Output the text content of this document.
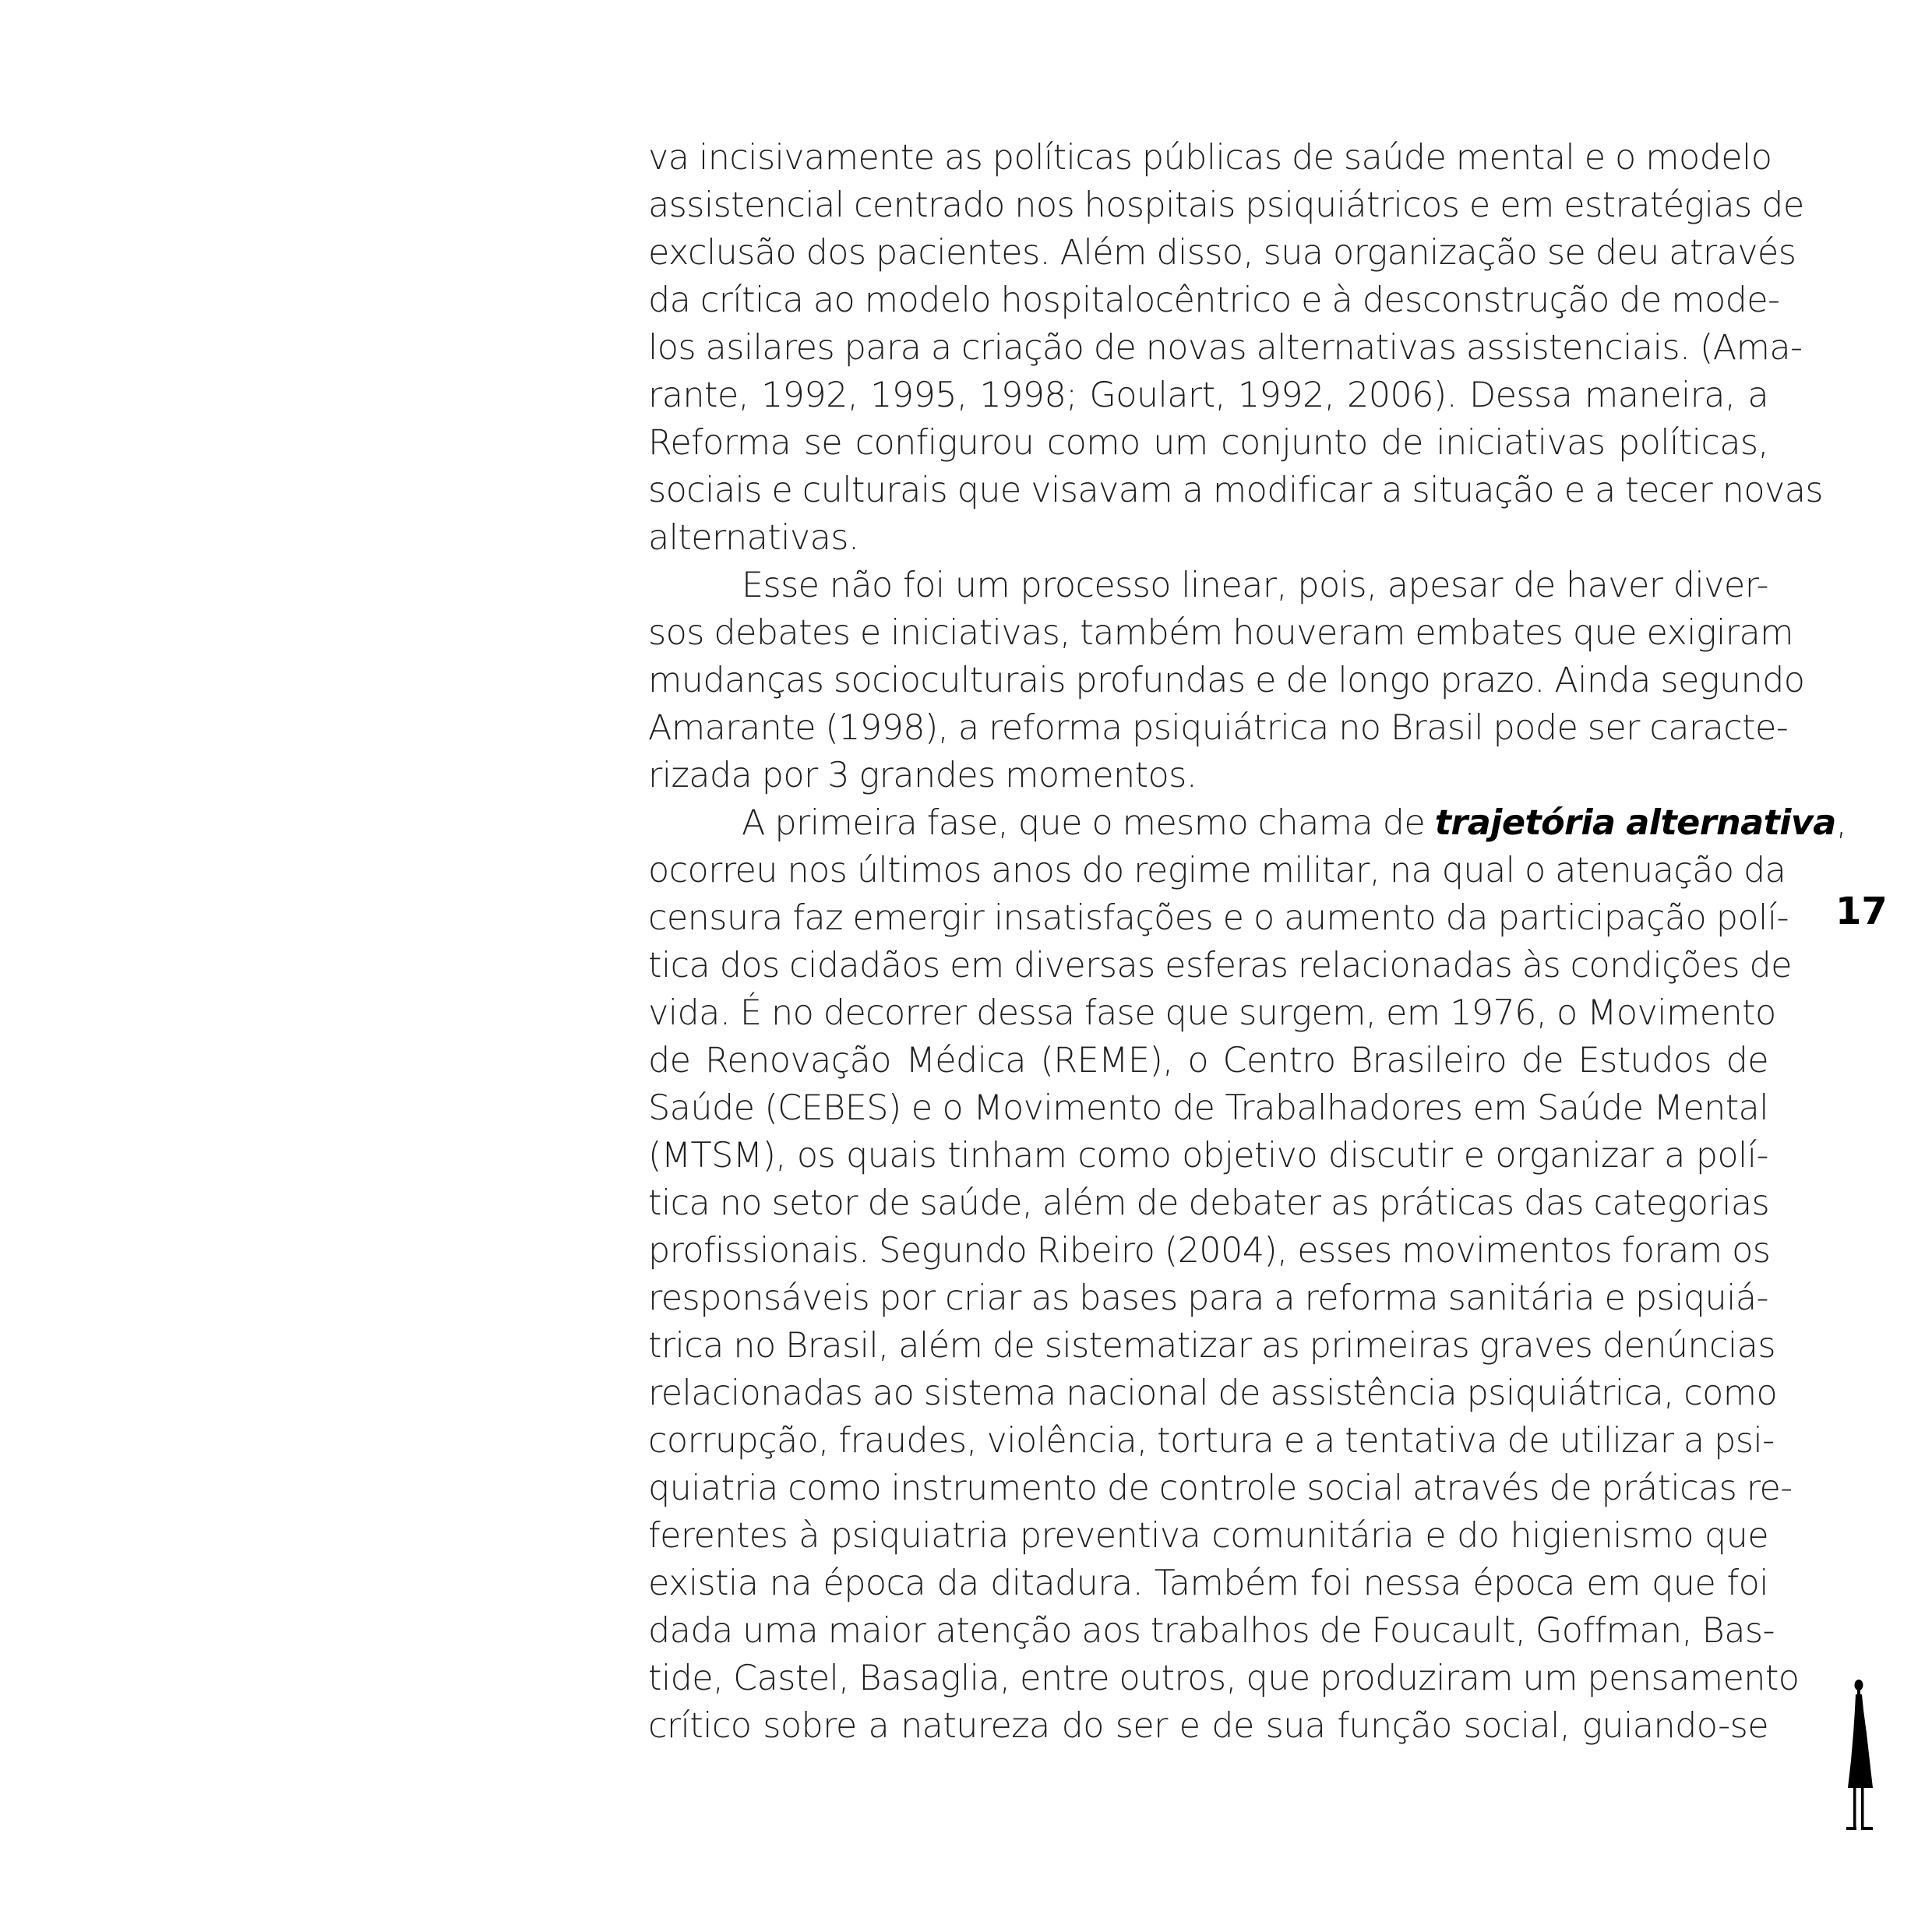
va incisivamente as políticas públicas de saúde mental e o modelo
assistencial centrado nos hospitais psiquiátricos e em estratégias de
exclusão dos pacientes. Além disso, sua organização se deu através
da crítica ao modelo hospitalocêntrico e à desconstrução de mode-
los asilares para a criação de novas alternativas assistenciais. (Ama-
rante, 1992, 1995, 1998; Goulart, 1992, 2006). Dessa maneira, a
Reforma se configurou como um conjunto de iniciativas políticas,
sociais e culturais que visavam a modificar a situação e a tecer novas
alternativas.
Esse não foi um processo linear, pois, apesar de haver diver-
sos debates e iniciativas, também houveram embates que exigiram
mudanças socioculturais profundas e de longo prazo. Ainda segundo
Amarante (1998), a reforma psiquiátrica no Brasil pode ser caracte-
rizada por 3 grandes momentos.
A primeira fase, que o mesmo chama de trajetória alternativa,
ocorreu nos últimos anos do regime militar, na qual o atenuação da
censura faz emergir insatisfações e o aumento da participação polí-
tica dos cidadãos em diversas esferas relacionadas às condições de
vida. É no decorrer dessa fase que surgem, em 1976, o Movimento
de Renovação Médica (REME), o Centro Brasileiro de Estudos de
Saúde (CEBES) e o Movimento de Trabalhadores em Saúde Mental
(MTSM), os quais tinham como objetivo discutir e organizar a polí-
tica no setor de saúde, além de debater as práticas das categorias
profissionais. Segundo Ribeiro (2004), esses movimentos foram os
responsáveis por criar as bases para a reforma sanitária e psiquiá-
trica no Brasil, além de sistematizar as primeiras graves denúncias
relacionadas ao sistema nacional de assistência psiquiátrica, como
corrupção, fraudes, violência, tortura e a tentativa de utilizar a psi-
quiatria como instrumento de controle social através de práticas re-
ferentes à psiquiatria preventiva comunitária e do higienismo que
existia na época da ditadura. Também foi nessa época em que foi
dada uma maior atenção aos trabalhos de Foucault, Goffman, Bas-
tide, Castel, Basaglia, entre outros, que produziram um pensamento
crítico sobre a natureza do ser e de sua função social, guiando-se
17
